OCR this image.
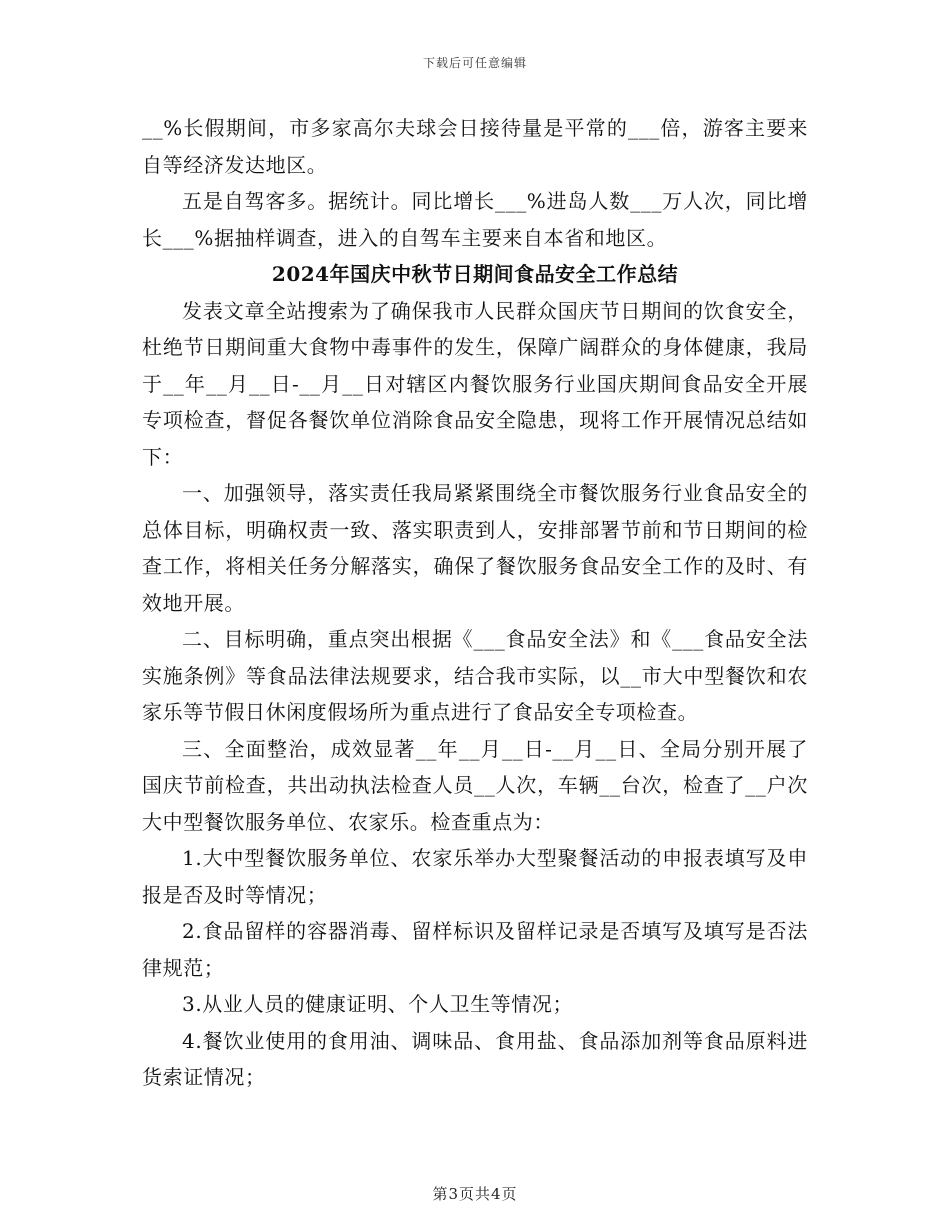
下载后可任意编辑

__%长假期间，市多家高尔夫球会日接待量是平常的___倍，游客主要来自等经济发达地区。

五是自驾客多。据统计。同比增长___%进岛人数___万人次，同比增长___%据抽样调查，进入的自驾车主要来自本省和地区。

2024年国庆中秋节日期间食品安全工作总结

发表文章全站搜索为了确保我市人民群众国庆节日期间的饮食安全，杜绝节日期间重大食物中毒事件的发生，保障广阔群众的身体健康，我局于__年__月__日-__月__日对辖区内餐饮服务行业国庆期间食品安全开展专项检查，督促各餐饮单位消除食品安全隐患，现将工作开展情况总结如下：

一、加强领导，落实责任我局紧紧围绕全市餐饮服务行业食品安全的总体目标，明确权责一致、落实职责到人，安排部署节前和节日期间的检查工作，将相关任务分解落实，确保了餐饮服务食品安全工作的及时、有效地开展。

二、目标明确，重点突出根据《___食品安全法》和《___食品安全法实施条例》等食品法律法规要求，结合我市实际，以__市大中型餐饮和农家乐等节假日休闲度假场所为重点进行了食品安全专项检查。

三、全面整治，成效显著__年__月__日-__月__日、全局分别开展了国庆节前检查，共出动执法检查人员__人次，车辆__台次，检查了__户次大中型餐饮服务单位、农家乐。检查重点为：

1.大中型餐饮服务单位、农家乐举办大型聚餐活动的申报表填写及申报是否及时等情况；

2.食品留样的容器消毒、留样标识及留样记录是否填写及填写是否法律规范；

3.从业人员的健康证明、个人卫生等情况；

4.餐饮业使用的食用油、调味品、食用盐、食品添加剂等食品原料进货索证情况；

第3页共4页
